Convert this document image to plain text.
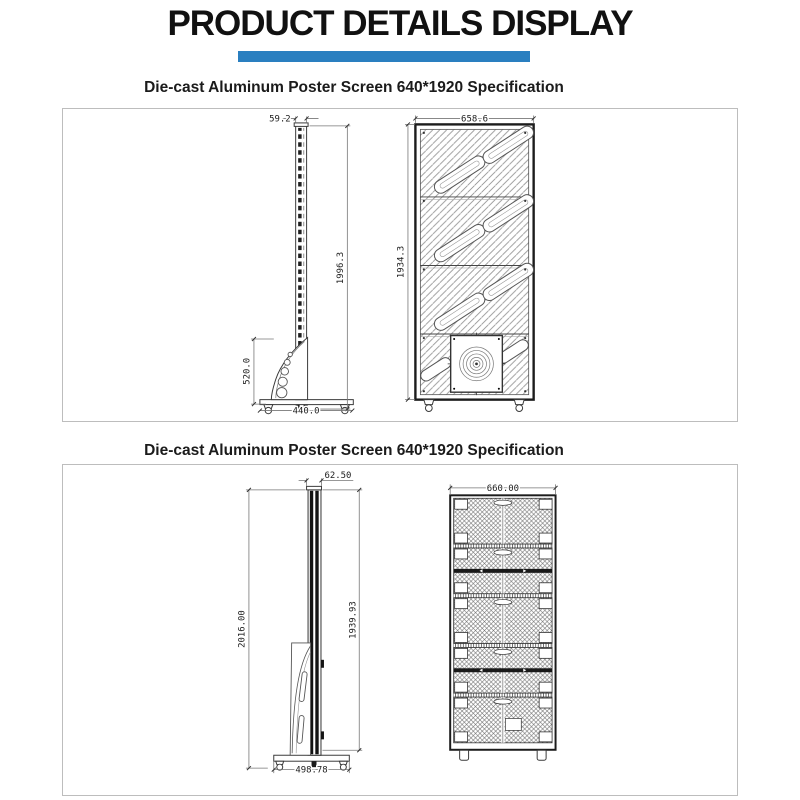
PRODUCT DETAILS DISPLAY
Die-cast Aluminum Poster Screen 640*1920 Specification
59.2
1996.3
520.0
440.0
658.6
1934.3
Die-cast Aluminum Poster Screen 640*1920 Specification
62.50
2016.00	1939.93
498.78
660.00
